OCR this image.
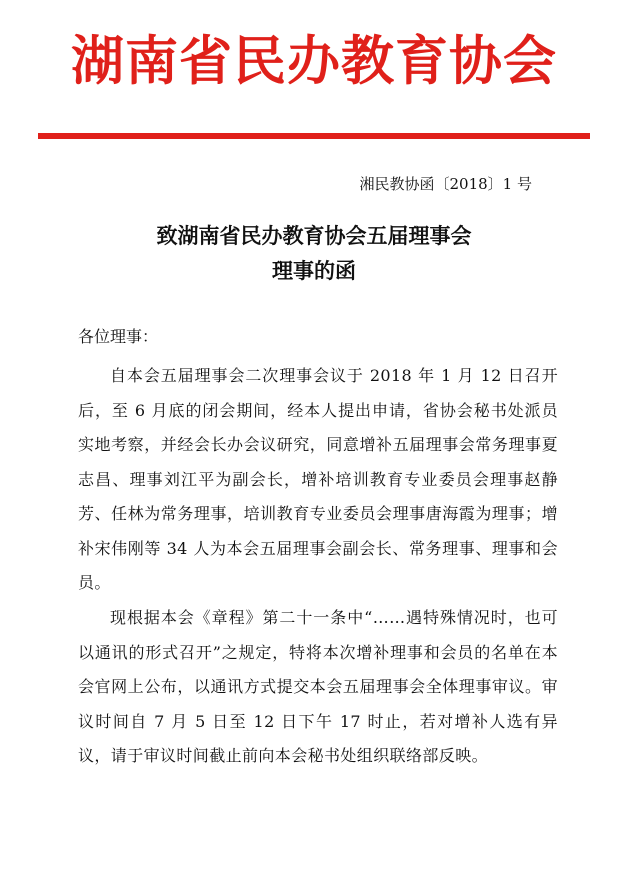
湖南省民办教育协会
湘民教协函〔2018〕1 号
致湖南省民办教育协会五届理事会
理事的函
各位理事：

自本会五届理事会二次理事会议于 2018 年 1 月 12 日召开后，至 6 月底的闭会期间，经本人提出申请，省协会秘书处派员实地考察，并经会长办会议研究，同意增补五届理事会常务理事夏志昌、理事刘江平为副会长，增补培训教育专业委员会理事赵静芳、任林为常务理事，培训教育专业委员会理事唐海霞为理事；增补宋伟刚等 34 人为本会五届理事会副会长、常务理事、理事和会员。

现根据本会《章程》第二十一条中“……遇特殊情况时，也可以通讯的形式召开”之规定，特将本次增补理事和会员的名单在本会官网上公布，以通讯方式提交本会五届理事会全体理事审议。审议时间自 7 月 5 日至 12 日下午 17 时止，若对增补人选有异议，请于审议时间截止前向本会秘书处组织联络部反映。
